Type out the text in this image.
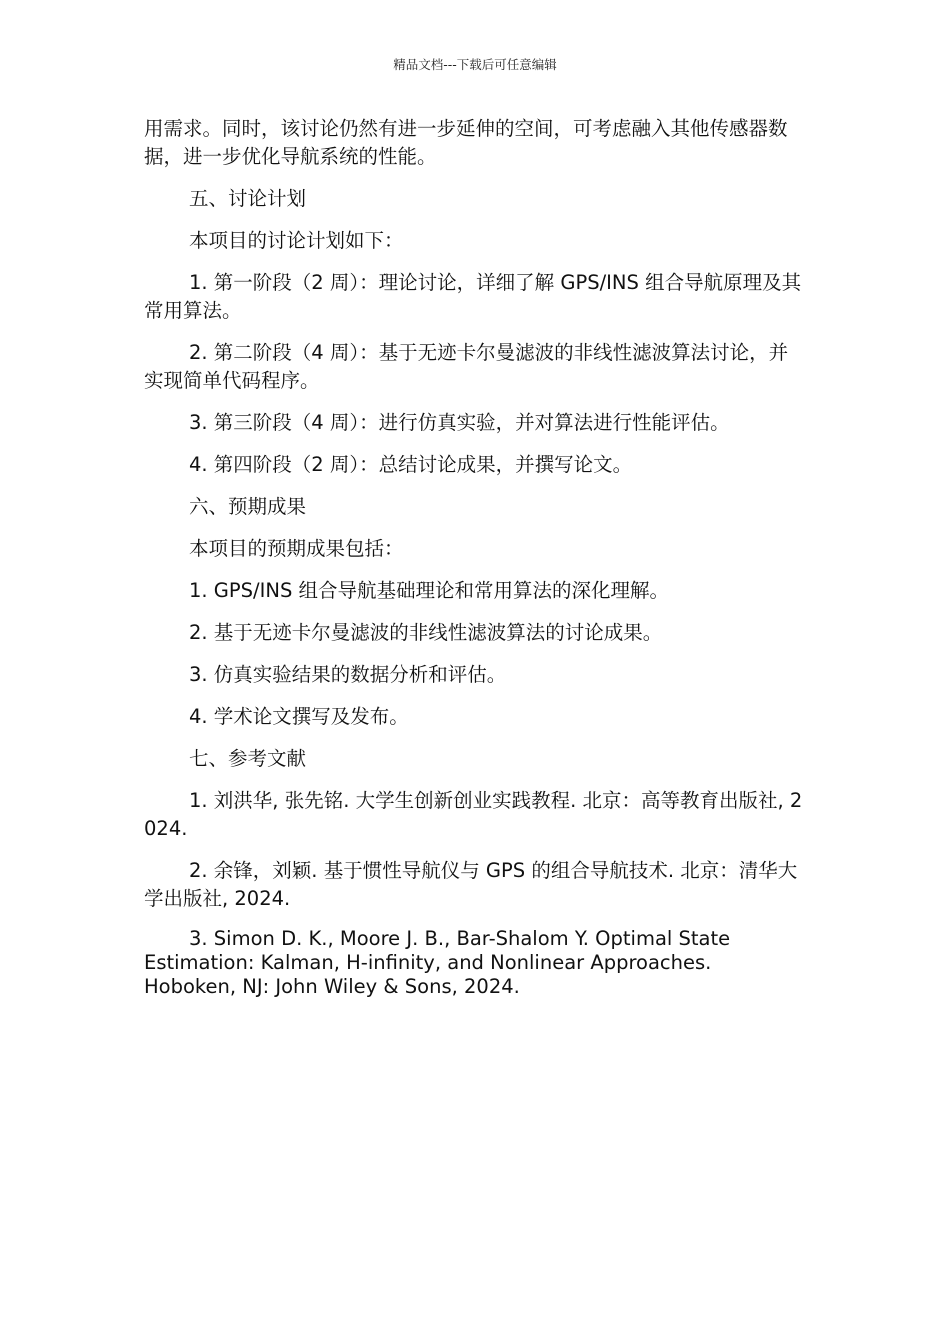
精品文档---下载后可任意编辑

用需求。同时，该讨论仍然有进一步延伸的空间，可考虑融入其他传感器数据，进一步优化导航系统的性能。

五、讨论计划

本项目的讨论计划如下：

1. 第一阶段（2 周）：理论讨论，详细了解 GPS/INS 组合导航原理及其常用算法。

2. 第二阶段（4 周）：基于无迹卡尔曼滤波的非线性滤波算法讨论，并实现简单代码程序。

3. 第三阶段（4 周）：进行仿真实验，并对算法进行性能评估。

4. 第四阶段（2 周）：总结讨论成果，并撰写论文。

六、预期成果

本项目的预期成果包括：

1. GPS/INS 组合导航基础理论和常用算法的深化理解。

2. 基于无迹卡尔曼滤波的非线性滤波算法的讨论成果。

3. 仿真实验结果的数据分析和评估。

4. 学术论文撰写及发布。

七、参考文献

1. 刘洪华, 张先铭. 大学生创新创业实践教程. 北京：高等教育出版社, 2024.

2. 余锋，刘颖. 基于惯性导航仪与 GPS 的组合导航技术. 北京：清华大学出版社, 2024.

3. Simon D. K., Moore J. B., Bar-Shalom Y. Optimal State Estimation: Kalman, H-infinity, and Nonlinear Approaches. Hoboken, NJ: John Wiley & Sons, 2024.
